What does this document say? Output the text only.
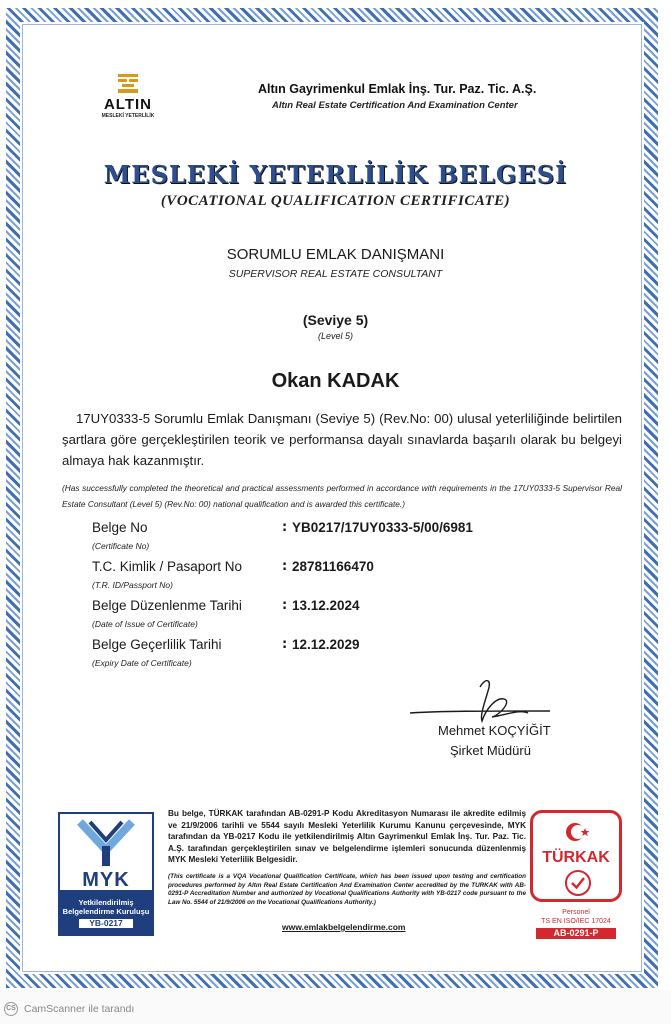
ALTIN
MESLEKİ YETERLİLİK
Altın Gayrimenkul Emlak İnş. Tur. Paz. Tic. A.Ş.
Altın Real Estate Certification And Examination Center
MESLEKİ YETERLİLİK BELGESİ
(VOCATIONAL QUALIFICATION CERTIFICATE)
SORUMLU EMLAK DANIŞMANI
SUPERVISOR REAL ESTATE CONSULTANT
(Seviye 5)
(Level 5)
Okan KADAK
17UY0333-5 Sorumlu Emlak Danışmanı (Seviye 5) (Rev.No: 00) ulusal yeterliliğinde belirtilen şartlara göre gerçekleştirilen teorik ve performansa dayalı sınavlarda başarılı olarak bu belgeyi almaya hak kazanmıştır.
(Has successfully completed the theoretical and practical assessments performed in accordance with requirements in the 17UY0333-5 Supervisor Real Estate Consultant (Level 5) (Rev.No: 00) national qualification and is awarded this certificate.)
Belge No
(Certificate No)
: YB0217/17UY0333-5/00/6981
T.C. Kimlik / Pasaport No
(T.R. ID/Passport No)
: 28781166470
Belge Düzenlenme Tarihi
(Date of Issue of Certificate)
: 13.12.2024
Belge Geçerlilik Tarihi
(Expiry Date of Certificate)
: 12.12.2029
Mehmet KOÇYİĞİT
Şirket Müdürü
MYK
Yetkilendirilmiş
Belgelendirme Kuruluşu
YB-0217
Bu belge, TÜRKAK tarafından AB-0291-P Kodu Akreditasyon Numarası ile akredite edilmiş ve 21/9/2006 tarihli ve 5544 sayılı Mesleki Yeterlilik Kurumu Kanunu çerçevesinde, MYK tarafından da YB-0217 Kodu ile yetkilendirilmiş Altın Gayrimenkul Emlak İnş. Tur. Paz. Tic. A.Ş. tarafından gerçekleştirilen sınav ve belgelendirme işlemleri sonucunda düzenlenmiş MYK Mesleki Yeterlilik Belgesidir.
(This certificate is a VQA Vocational Qualification Certificate, which has been issued upon testing and certification procedures performed by Altın Real Estate Certification And Examination Center accredited by the TURKAK with AB-0291-P Accreditation Number and authorized by Vocational Qualifications Authority with YB-0217 code pursuant to the Law No. 5544 of 21/9/2006 on the Vocational Qualifications Authority.)
www.emlakbelgelendirme.com
TÜRKAK
Personel
TS EN ISO/IEC 17024
AB-0291-P
CS CamScanner ile tarandı
